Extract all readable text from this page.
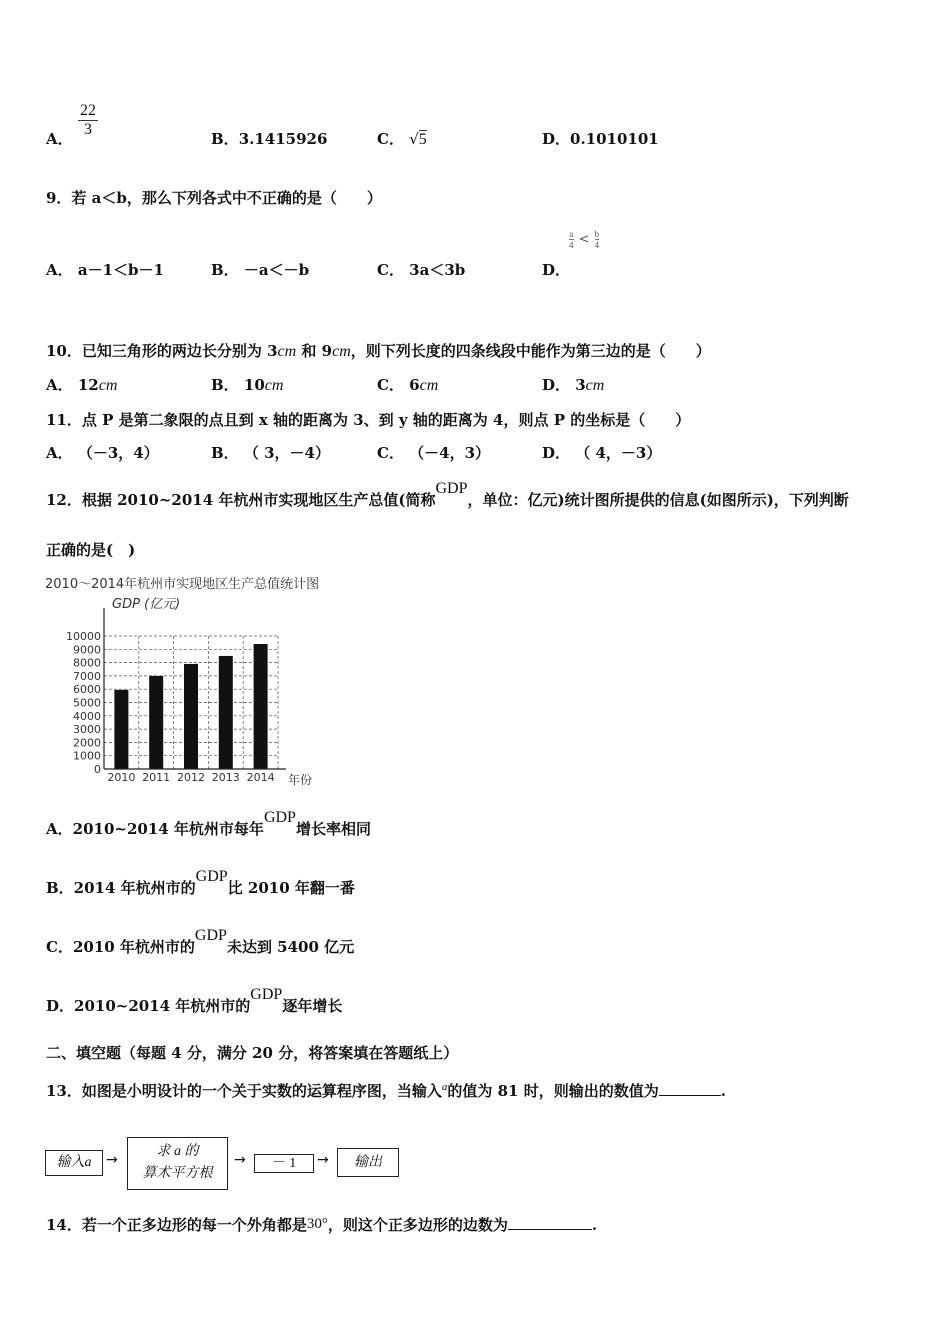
A． $\frac{22}{3}$	B．3.1415926	C． √5	D．0.1010101
9．若 a＜b，那么下列各式中不正确的是（　　）
A． a－1＜b－1	B． －a＜－b	C． 3a＜3b	D．
$\frac{a}{4} < \frac{b}{4}$
10．已知三角形的两边长分别为 3cm 和 9cm，则下列长度的四条线段中能作为第三边的是（　　）
A． 12cm	B． 10cm	C． 6cm	D． 3cm
11．点 P 是第二象限的点且到 x 轴的距离为 3、到 y 轴的距离为 4，则点 P 的坐标是（　　）
A． （－3，4）	B． （ 3，－4）	C． （－4，3）	D． （ 4，－3）
12．根据 2010~2014 年杭州市实现地区生产总值(简称GDP，单位：亿元)统计图所提供的信息(如图所示)，下列判断
正确的是(　)
2010～2014年杭州市实现地区生产总值统计图
GDP (亿元)
年份
0
1000
2000
3000
4000
5000
6000
7000
8000
9000
10000
2010 2011 2012 2013 2014
A．2010~2014 年杭州市每年GDP增长率相同
B．2014 年杭州市的GDP比 2010 年翻一番
C．2010 年杭州市的GDP未达到 5400 亿元
D．2010~2014 年杭州市的GDP逐年增长
二、填空题（每题 4 分，满分 20 分，将答案填在答题纸上）
13．如图是小明设计的一个关于实数的运算程序图，当输入$^a$的值为 81 时，则输出的数值为	.
输入a	→
求 a 的
算术平方根
→	－ 1	→	输出
14．若一个正多边形的每一个外角都是30°，则这个正多边形的边数为	.
